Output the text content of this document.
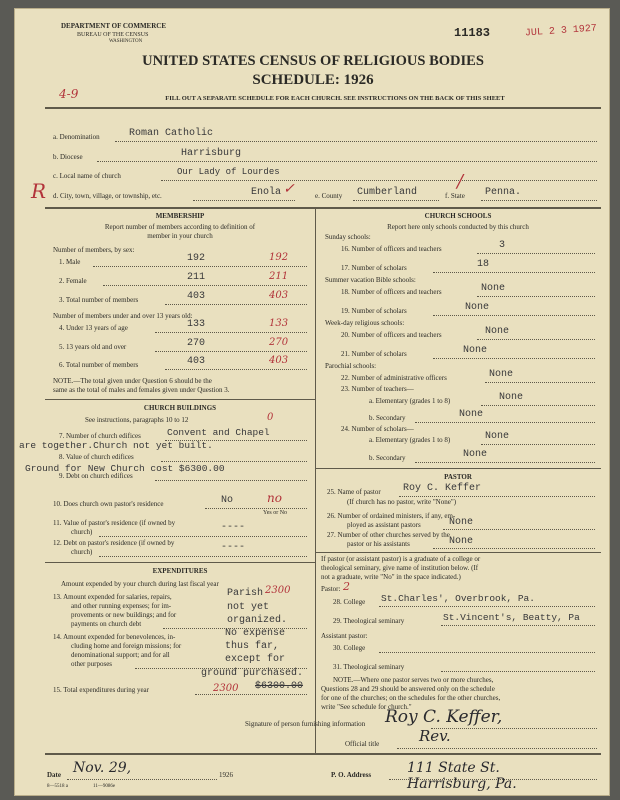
DEPARTMENT OF COMMERCE
BUREAU OF THE CENSUS
WASHINGTON
11183	JUL 2 3 1927
UNITED STATES CENSUS OF RELIGIOUS BODIES
SCHEDULE: 1926
4-9	FILL OUT A SEPARATE SCHEDULE FOR EACH CHURCH. SEE INSTRUCTIONS ON THE BACK OF THIS SHEET
a. Denomination	Roman Catholic
b. Diocese	Harrisburg
c. Local name of church	Our Lady of Lourdes
R d. City, town, village, or township, etc.	Enola ✓	e. County Cumberland	f. State Penna.
/
MEMBERSHIP
Report number of members according to definition of
member in your church
Number of members, by sex:
1. Male	192	192
2. Female	211	211
3. Total number of members	403	403
Number of members under and over 13 years old:
4. Under 13 years of age	133	133
5. 13 years old and over	270	270
6. Total number of members	403	403
NOTE.—The total given under Question 6 should be the
same as the total of males and females given under Question 3.
CHURCH BUILDINGS
See instructions, paragraphs 10 to 12	0
7. Number of church edifices	Convent and Chapel
are together.Church not yet built.
8. Value of church edifices
Ground for New Church cost $6300.00
9. Debt on church edifices
10. Does church own pastor's residence	No	no
Yes or No
11. Value of pastor's residence (if owned by
church)	----
12. Debt on pastor's residence (if owned by
church)	----
EXPENDITURES
Amount expended by your church during last fiscal year
13. Amount expended for salaries, repairs,
and other running expenses; for im-
provements or new buildings; and for
payments on church debt
Parish 2300
not yet
organized.
14. Amount expended for benevolences, in-
cluding home and foreign missions; for
denominational support; and for all
other purposes
No expense
thus far,
except for
ground purchased.
15. Total expenditures during year	$6300.00
2300
CHURCH SCHOOLS
Report here only schools conducted by this church
Sunday schools:
16. Number of officers and teachers	3
17. Number of scholars	18
Summer vacation Bible schools:
18. Number of officers and teachers	None
19. Number of scholars	None
Week-day religious schools:
20. Number of officers and teachers	None
21. Number of scholars	None
Parochial schools:
22. Number of administrative officers	None
23. Number of teachers—
a. Elementary (grades 1 to 8)	None
b. Secondary	None
24. Number of scholars—
a. Elementary (grades 1 to 8)	None
b. Secondary	None
PASTOR
25. Name of pastor Roy C. Keffer
(If church has no pastor, write "None")
26. Number of ordained ministers, if any, em-
ployed as assistant pastors	None
27. Number of other churches served by the
pastor or his assistants	None
If pastor (or assistant pastor) is a graduate of a college or
theological seminary, give name of institution below. (If
not a graduate, write "No" in the space indicated.)
Pastor: 2
28. College St.Charles', Overbrook, Pa.
29. Theological seminary	St.Vincent's, Beatty, Pa
Assistant pastor:
30. College
31. Theological seminary
NOTE.—Where one pastor serves two or more churches,
Questions 28 and 29 should be answered only on the schedule
for one of the churches; on the schedules for the other churches,
write "See schedule for church."
Signature of person furnishing information Roy C. Keffer,
Official title	Rev.
Date Nov. 29,	1926	P. O. Address	111 State St.
Harrisburg, Pa.
8—5518 a	11—9086e
